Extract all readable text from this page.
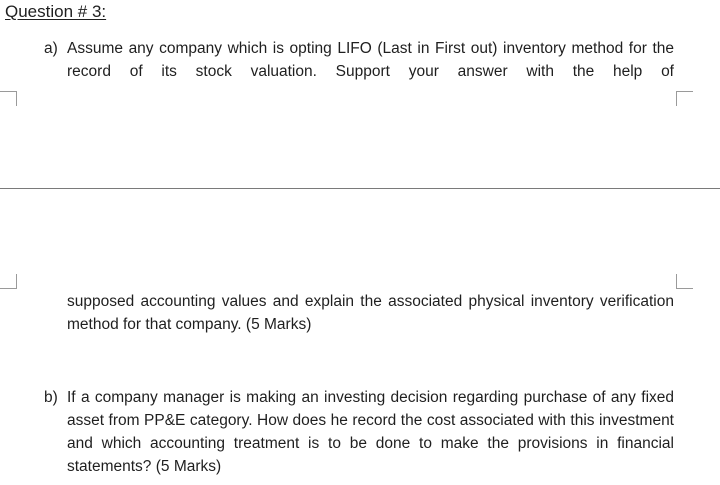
Question # 3:
a) Assume any company which is opting LIFO (Last in First out) inventory method for the record of its stock valuation. Support your answer with the help of
supposed accounting values and explain the associated physical inventory verification method for that company. (5 Marks)
b) If a company manager is making an investing decision regarding purchase of any fixed asset from PP&E category. How does he record the cost associated with this investment and which accounting treatment is to be done to make the provisions in financial statements? (5 Marks)
